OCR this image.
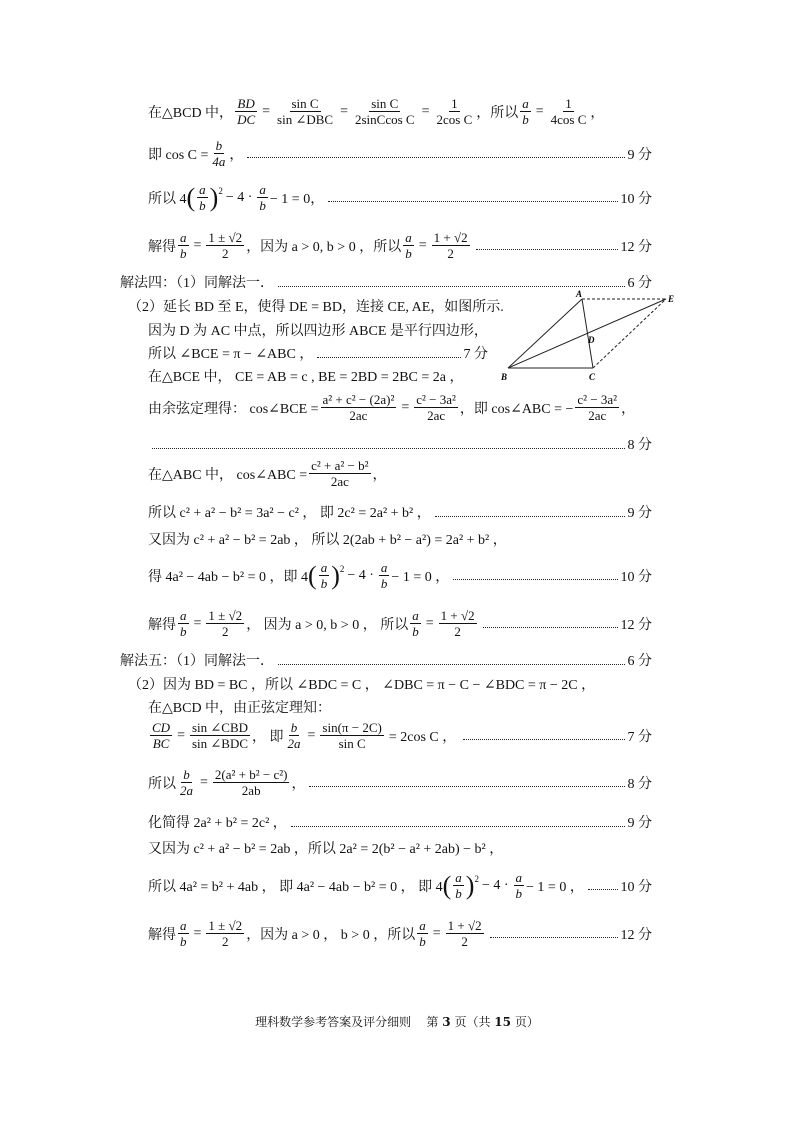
在△BCD 中， $\frac{BD}{DC} = \frac{\text{sin C}}{\text{sin ∠DBC}} = \frac{\text{sin C}}{\text{2sinCcos C}} = \frac{1}{\text{2cos C}}$ ，所以 $\frac{a}{b} = \frac{1}{\text{4cos C}}$ ，
即 $\cos C = \frac{b}{4a}$ ，	9 分
所以 4 ( $\frac{a}{b}$ ) $2 - 4 \cdot \frac{a}{b} - 1 = 0$，	10 分
解得 $\frac{a}{b} = \frac{1 \pm √2}{2}$ ，因为 a > 0, b > 0 ，所以 $\frac{a}{b} = \frac{1 + √2}{2}$	12 分
解法四：（1）同解法一．	6 分
（2）延长 BD 至 E，使得 DE = BD，连接 CE, AE，如图所示.
因为 D 为 AC 中点，所以四边形 ABCE 是平行四边形，
所以 ∠BCE = π − ∠ABC ，	7 分
在△BCE 中， CE = AB = c , BE = 2BD = 2BC = 2a ，
A	E
D
B	C
由余弦定理得： cos∠BCE = $\frac{\text{a² + c² − (2a)²}}{2ac} = \frac{\text{c² − 3a²}}{2ac}$ ，即 cos∠ABC = − $\frac{\text{c² − 3a²}}{2ac}$ ，
8 分
在△ABC 中， cos∠ABC = $\frac{\text{c² + a² − b²}}{2ac}$ ，
所以 c² + a² − b² = 3a² − c² ， 即 2c² = 2a² + b² ，	9 分
又因为 c² + a² − b² = 2ab ， 所以 2(2ab + b² − a²) = 2a² + b² ，
得 4a² − 4ab − b² = 0 ，即 4 ( $\frac{a}{b}$ ) $2 - 4 \cdot \frac{a}{b} - 1 = 0$ ，	10 分
解得 $\frac{a}{b} = \frac{1 \pm √2}{2}$ ， 因为 a > 0, b > 0 ， 所以 $\frac{a}{b} = \frac{1 + √2}{2}$	12 分
解法五：（1）同解法一．	6 分
（2）因为 BD = BC ，所以 ∠BDC = C ， ∠DBC = π − C − ∠BDC = π − 2C ，
在△BCD 中，由正弦定理知：
$\frac{CD}{BC} = \frac{\text{sin ∠CBD}}{\text{sin ∠BDC}}$ ， 即 $\frac{b}{2a} = \frac{\sin(\pi - 2C)}{\text{sin C}} = 2\cos$ C ，	7 分
所以 $\frac{b}{2a} = \frac{\text{2(a² + b² − c²)}}{2ab}$ ，	8 分
化简得 2a² + b² = 2c² ，	9 分
又因为 c² + a² − b² = 2ab ，所以 2a² = 2(b² − a² + 2ab) − b² ，
所以 4a² = b² + 4ab ， 即 4a² − 4ab − b² = 0 ， 即 4 ( $\frac{a}{b}$ ) $2 - 4 \cdot \frac{a}{b} - 1 = 0$ ，	10 分
解得 $\frac{a}{b} = \frac{1 \pm √2}{2}$ ，因为 a > 0 ， b > 0 ，所以 $\frac{a}{b} = \frac{1 + √2}{2}$	12 分
理科数学参考答案及评分细则 第 3 页（共 15 页）
